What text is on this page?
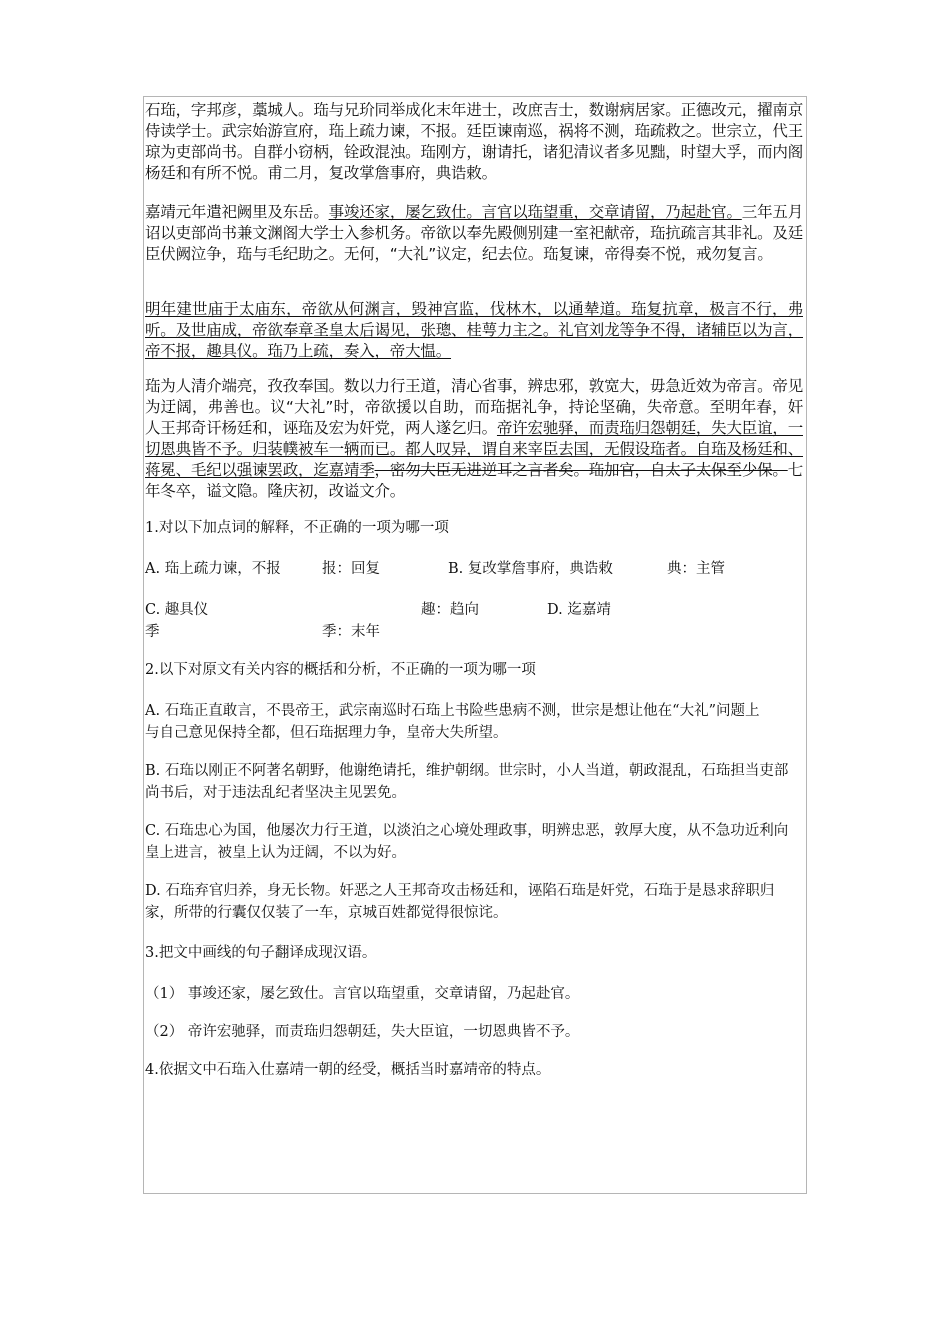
石珤，字邦彦，藁城人。珤与兄玠同举成化末年进士，改庶吉士，数谢病居家。正德改元，擢南京侍读学士。武宗始游宣府，珤上疏力谏，不报。廷臣谏南巡，祸将不测，珤疏救之。世宗立，代王琼为吏部尚书。自群小窃柄，铨政混浊。珤刚方，谢请托，诸犯清议者多见黜，时望大孚，而内阁杨廷和有所不悦。甫二月，复改掌詹事府，典诰敕。
嘉靖元年遣祀阙里及东岳。事竣还家，屡乞致仕。言官以珤望重，交章请留，乃起赴官。三年五月诏以吏部尚书兼文渊阁大学士入参机务。帝欲以奉先殿侧别建一室祀献帝，珤抗疏言其非礼。及廷臣伏阙泣争，珤与毛纪助之。无何，“大礼”议定，纪去位。珤复谏，帝得奏不悦，戒勿复言。
明年建世庙于太庙东，帝欲从何渊言，毁神宫监，伐林木，以通辇道。珤复抗章，极言不行，弗听。及世庙成，帝欲奉章圣皇太后谒见，张璁、桂萼力主之。礼官刘龙等争不得，诸辅臣以为言，帝不报，趣具仪。珤乃上疏，奏入，帝大愠。
珤为人清介端亮，孜孜奉国。数以力行王道，清心省事，辨忠邪，敦宽大，毋急近效为帝言。帝见为迂阔，弗善也。议“大礼”时，帝欲援以自助，而珤据礼争，持论坚确，失帝意。至明年春，奸人王邦奇讦杨廷和，诬珤及宏为奸党，两人遂乞归。帝许宏驰驿，而责珤归怨朝廷，失大臣谊，一切恩典皆不予。归装幞被车一辆而已。都人叹异，谓自来宰臣去国，无假设珤者。自珤及杨廷和、蒋冕、毛纪以强谏罢政，迄嘉靖季，密勿大臣无进逆耳之言者矣。珤加官，自太子太保至少保。七年冬卒，谥文隐。隆庆初，改谥文介。
1.对以下加点词的解释，不正确的一项为哪一项
A. 珤上疏力谏，不报	报：回复	B. 复改掌詹事府，典诰敕	典：主管
C. 趣具仪	趣：趋向	D. 迄嘉靖
季	季：末年
2.以下对原文有关内容的概括和分析，不正确的一项为哪一项
A. 石珤正直敢言，不畏帝王，武宗南巡时石珤上书险些患病不测，世宗是想让他在“大礼”问题上与自己意见保持全都，但石珤据理力争，皇帝大失所望。
B. 石珤以刚正不阿著名朝野，他谢绝请托，维护朝纲。世宗时，小人当道，朝政混乱，石珤担当吏部尚书后，对于违法乱纪者坚决主见罢免。
C. 石珤忠心为国，他屡次力行王道，以淡泊之心境处理政事，明辨忠恶，敦厚大度，从不急功近利向皇上进言，被皇上认为迂阔，不以为好。
D. 石珤弃官归养，身无长物。奸恶之人王邦奇攻击杨廷和，诬陷石珤是奸党，石珤于是恳求辞职归家，所带的行囊仅仅装了一车，京城百姓都觉得很惊诧。
3.把文中画线的句子翻译成现汉语。
（1） 事竣还家，屡乞致仕。言官以珤望重，交章请留，乃起赴官。
（2） 帝许宏驰驿，而责珤归怨朝廷，失大臣谊，一切恩典皆不予。
4.依据文中石珤入仕嘉靖一朝的经受，概括当时嘉靖帝的特点。
